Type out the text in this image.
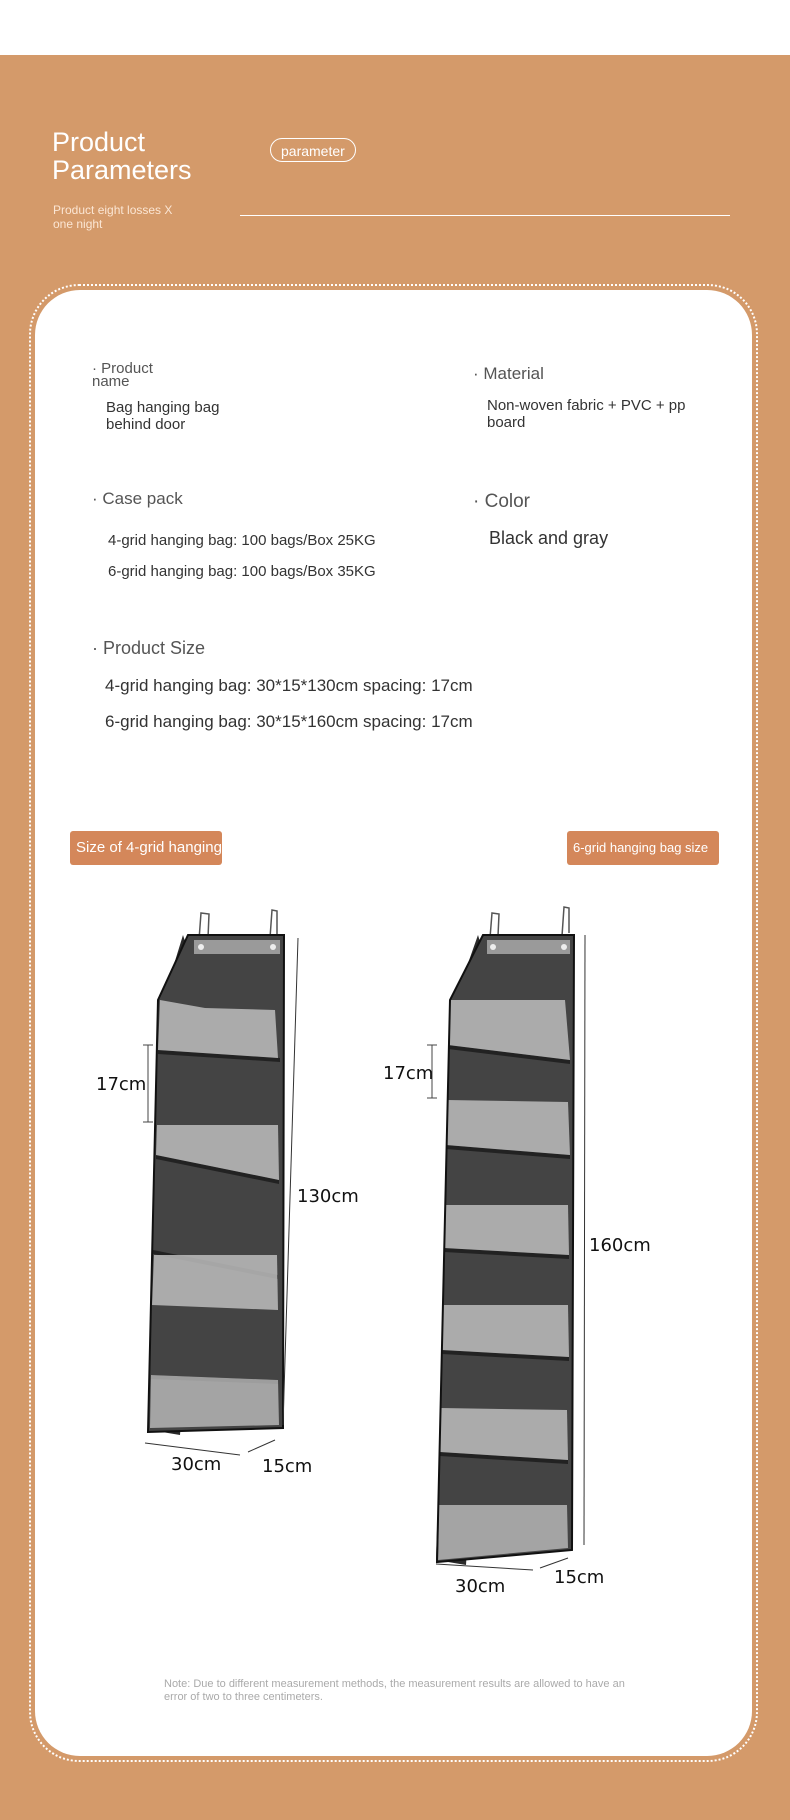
Product Parameters
parameter
Product eight losses X one night
· Product name
Bag hanging bag behind door
· Material
Non-woven fabric + PVC + pp board
· Case pack
4-grid hanging bag: 100 bags/Box 25KG
6-grid hanging bag: 100 bags/Box 35KG
· Color
Black and gray
· Product Size
4-grid hanging bag: 30*15*130cm spacing: 17cm
6-grid hanging bag: 30*15*160cm spacing: 17cm
Size of 4-grid hanging bag	6-grid hanging bag size
17cm
130cm
30cm 15cm
17cm
160cm
30cm	15cm
Note: Due to different measurement methods, the measurement results are allowed to have an error of two to three centimeters.
